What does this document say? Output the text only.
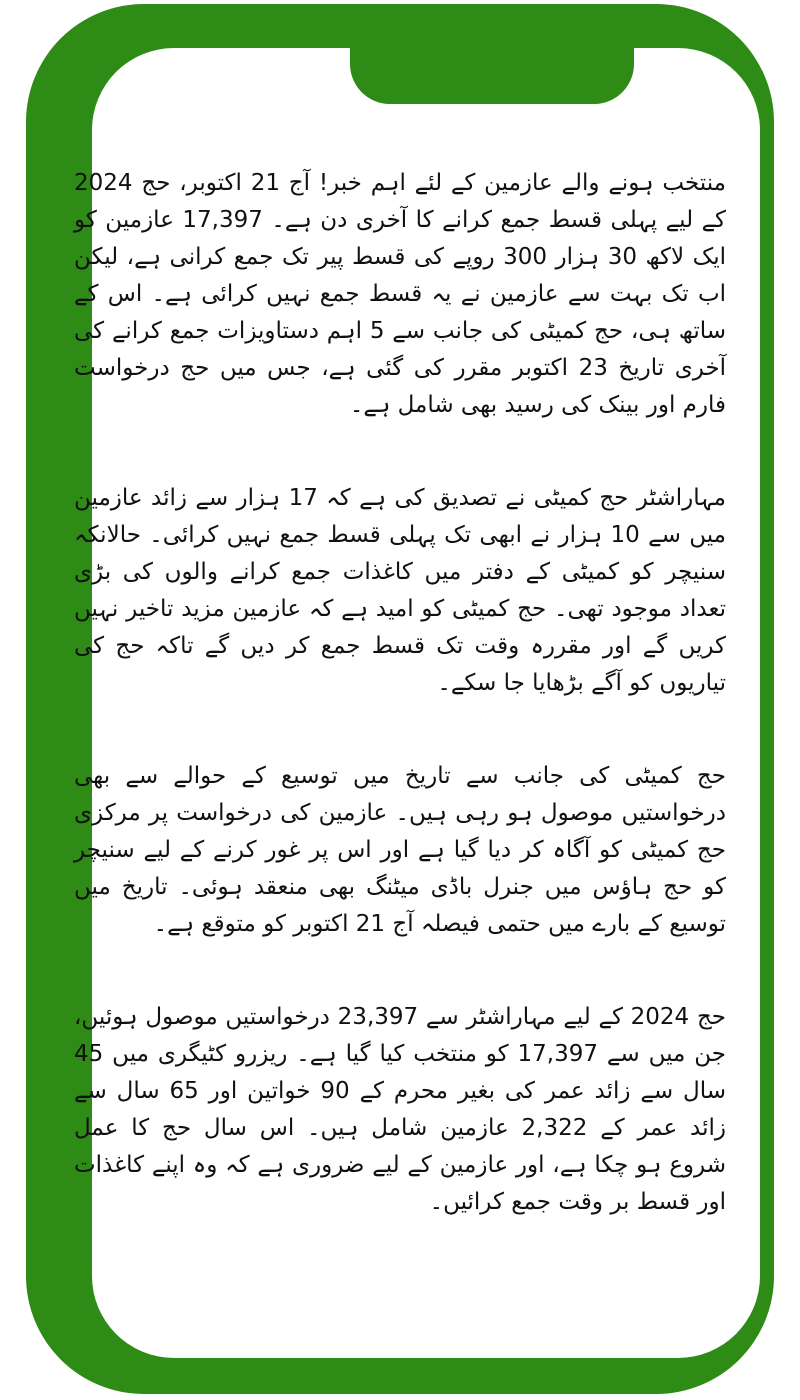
منتخب ہونے والے عازمین کے لئے اہم خبر! آج 21 اکتوبر، حج 2024 کے لیے پہلی قسط جمع کرانے کا آخری دن ہے۔ 17,397 عازمین کو ایک لاکھ 30 ہزار 300 روپے کی قسط پیر تک جمع کرانی ہے، لیکن اب تک بہت سے عازمین نے یہ قسط جمع نہیں کرائی ہے۔ اس کے ساتھ ہی، حج کمیٹی کی جانب سے 5 اہم دستاویزات جمع کرانے کی آخری تاریخ 23 اکتوبر مقرر کی گئی ہے، جس میں حج درخواست فارم اور بینک کی رسید بھی شامل ہے۔

مہاراشٹر حج کمیٹی نے تصدیق کی ہے کہ 17 ہزار سے زائد عازمین میں سے 10 ہزار نے ابھی تک پہلی قسط جمع نہیں کرائی۔ حالانکہ سنیچر کو کمیٹی کے دفتر میں کاغذات جمع کرانے والوں کی بڑی تعداد موجود تھی۔ حج کمیٹی کو امید ہے کہ عازمین مزید تاخیر نہیں کریں گے اور مقررہ وقت تک قسط جمع کر دیں گے تاکہ حج کی تیاریوں کو آگے بڑھایا جا سکے۔

حج کمیٹی کی جانب سے تاریخ میں توسیع کے حوالے سے بھی درخواستیں موصول ہو رہی ہیں۔ عازمین کی درخواست پر مرکزی حج کمیٹی کو آگاہ کر دیا گیا ہے اور اس پر غور کرنے کے لیے سنیچر کو حج ہاؤس میں جنرل باڈی میٹنگ بھی منعقد ہوئی۔ تاریخ میں توسیع کے بارے میں حتمی فیصلہ آج 21 اکتوبر کو متوقع ہے۔

حج 2024 کے لیے مہاراشٹر سے 23,397 درخواستیں موصول ہوئیں، جن میں سے 17,397 کو منتخب کیا گیا ہے۔ ریزرو کٹیگری میں 45 سال سے زائد عمر کی بغیر محرم کے 90 خواتین اور 65 سال سے زائد عمر کے 2,322 عازمین شامل ہیں۔ اس سال حج کا عمل شروع ہو چکا ہے، اور عازمین کے لیے ضروری ہے کہ وہ اپنے کاغذات اور قسط بر وقت جمع کرائیں۔
